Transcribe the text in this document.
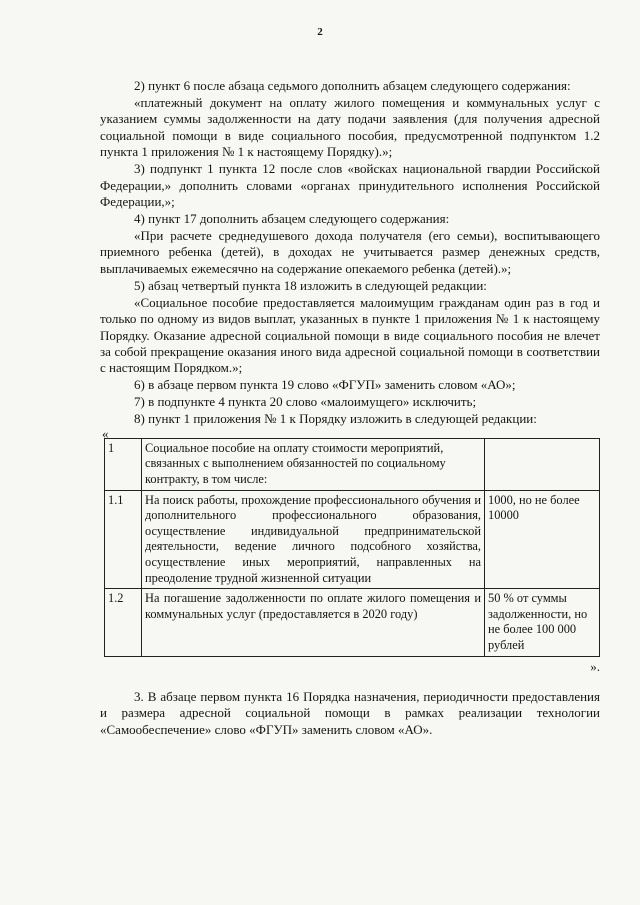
2

2) пункт 6 после абзаца седьмого дополнить абзацем следующего содержания:

«платежный документ на оплату жилого помещения и коммунальных услуг с указанием суммы задолженности на дату подачи заявления (для получения адресной социальной помощи в виде социального пособия, предусмотренной подпунктом 1.2 пункта 1 приложения № 1 к настоящему Порядку).»;

3) подпункт 1 пункта 12 после слов «войсках национальной гвардии Российской Федерации,» дополнить словами «органах принудительного исполнения Российской Федерации,»;

4) пункт 17 дополнить абзацем следующего содержания:

«При расчете среднедушевого дохода получателя (его семьи), воспитывающего приемного ребенка (детей), в доходах не учитывается размер денежных средств, выплачиваемых ежемесячно на содержание опекаемого ребенка (детей).»;

5) абзац четвертый пункта 18 изложить в следующей редакции:

«Социальное пособие предоставляется малоимущим гражданам один раз в год и только по одному из видов выплат, указанных в пункте 1 приложения № 1 к настоящему Порядку. Оказание адресной социальной помощи в виде социального пособия не влечет за собой прекращение оказания иного вида адресной социальной помощи в соответствии с настоящим Порядком.»;

6) в абзаце первом пункта 19 слово «ФГУП» заменить словом «АО»;

7) в подпункте 4 пункта 20 слово «малоимущего» исключить;

8) пункт 1 приложения № 1 к Порядку изложить в следующей редакции:

«
1	Социальное пособие на оплату стоимости мероприятий, связанных с выполнением обязанностей по социальному контракту, в том числе:	
1.1	На поиск работы, прохождение профессионального обучения и дополнительного профессионального образования, осуществление индивидуальной предпринимательской деятельности, ведение личного подсобного хозяйства, осуществление иных мероприятий, направленных на преодоление трудной жизненной ситуации	1000, но не более 10000
1.2	На погашение задолженности по оплате жилого помещения и коммунальных услуг (предоставляется в 2020 году)	50 % от суммы задолженности, но не более 100 000 рублей
».

3. В абзаце первом пункта 16 Порядка назначения, периодичности предоставления и размера адресной социальной помощи в рамках реализации технологии «Самообеспечение» слово «ФГУП» заменить словом «АО».
